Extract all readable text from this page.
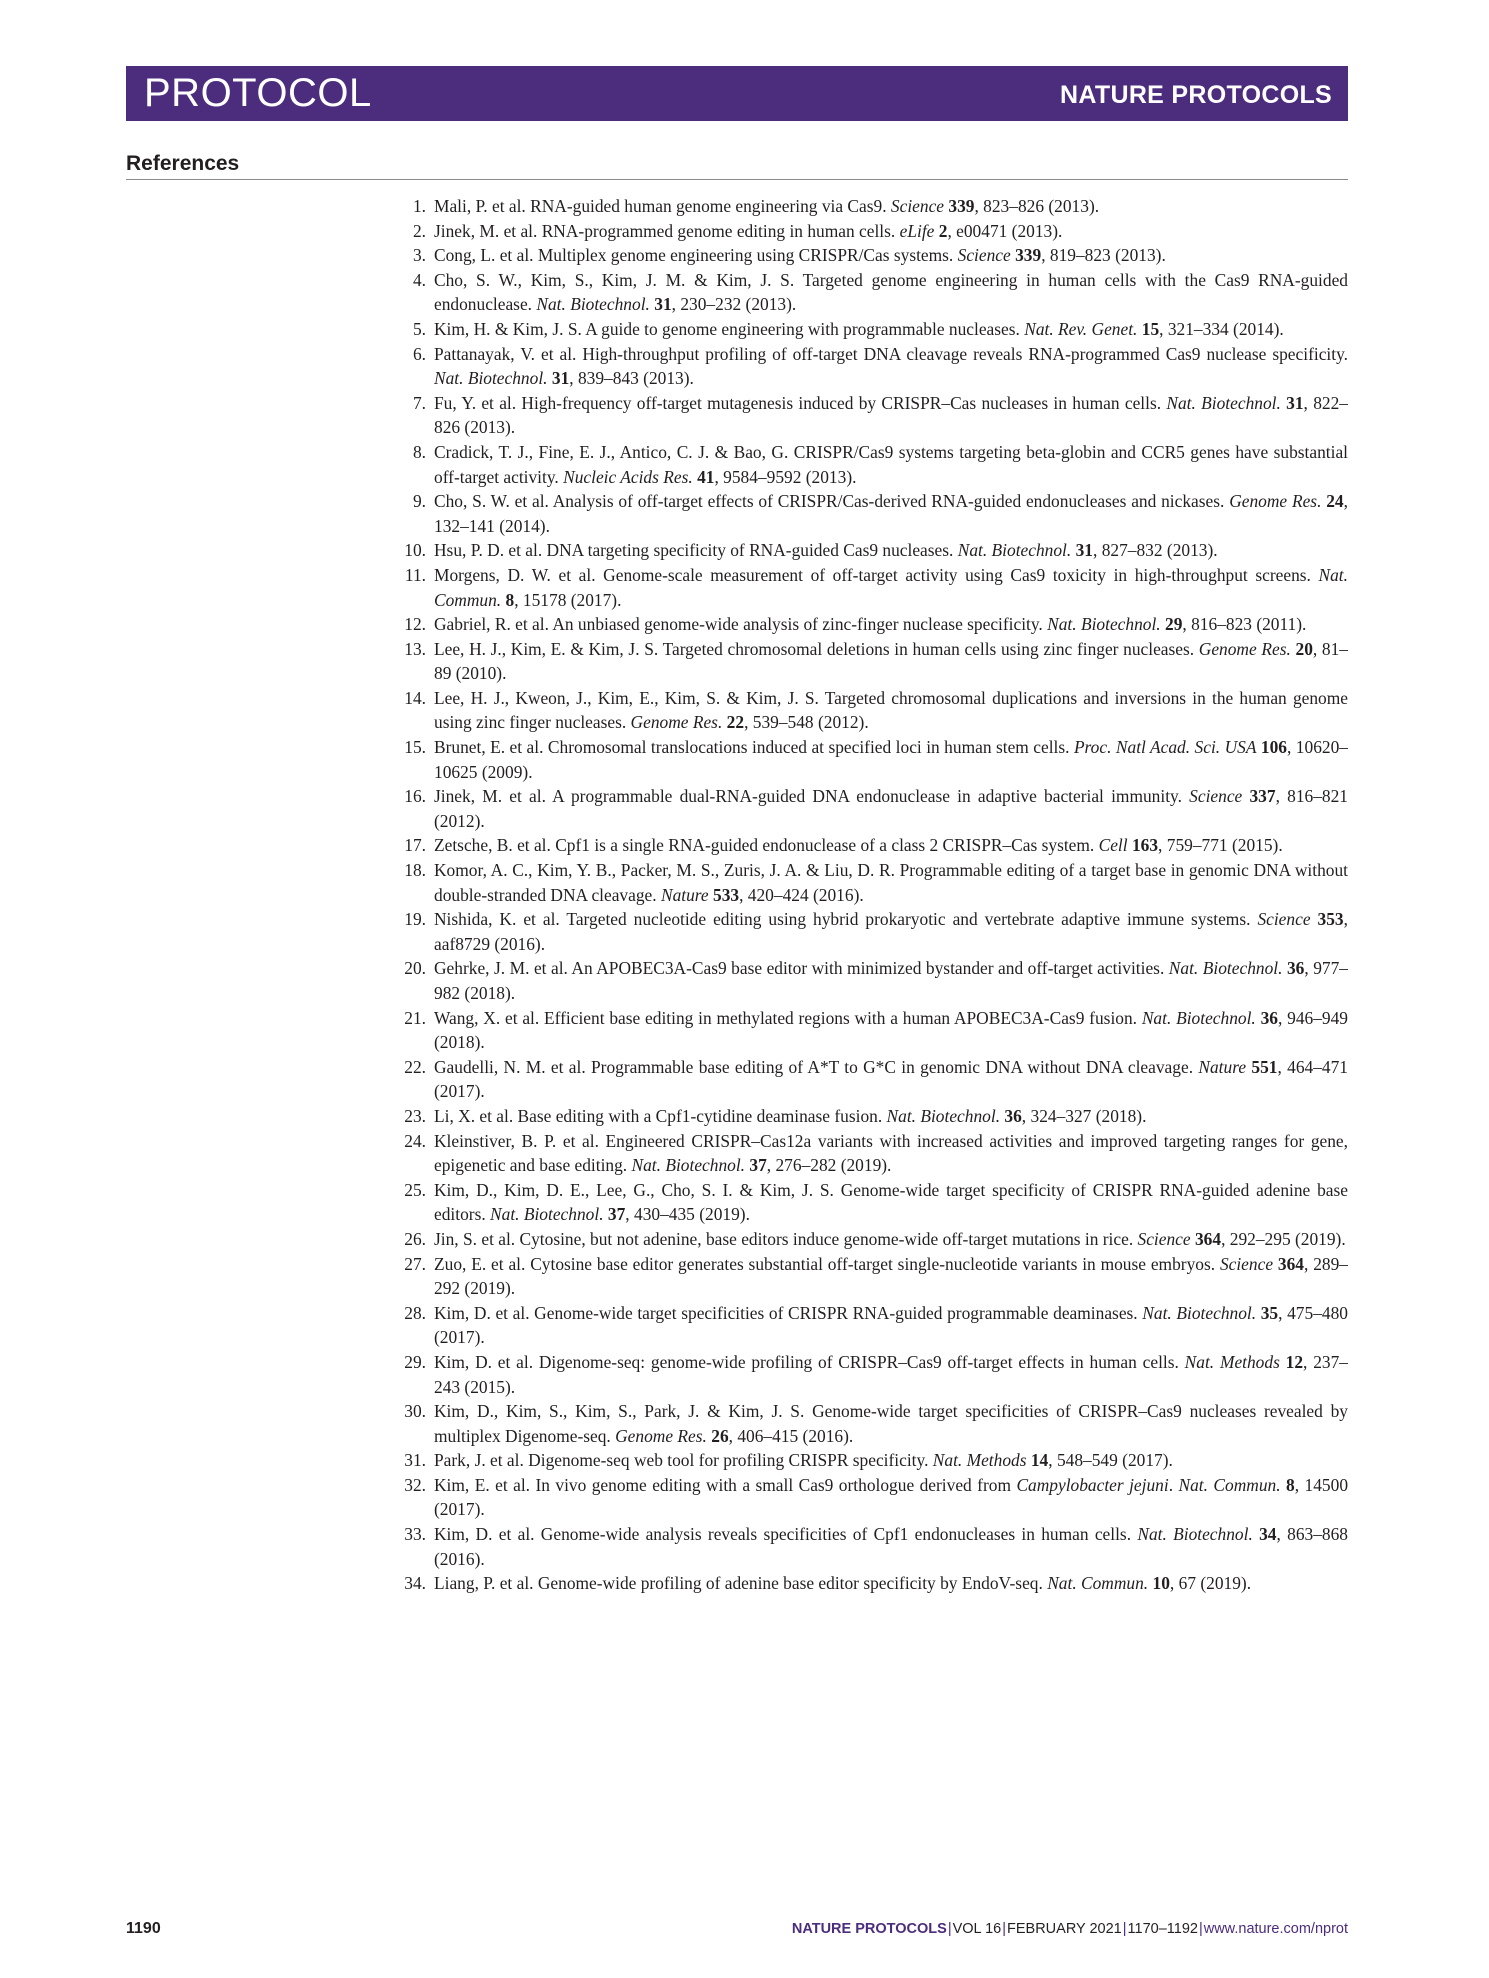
PROTOCOL	NATURE PROTOCOLS
References
1. Mali, P. et al. RNA-guided human genome engineering via Cas9. Science 339, 823–826 (2013).
2. Jinek, M. et al. RNA-programmed genome editing in human cells. eLife 2, e00471 (2013).
3. Cong, L. et al. Multiplex genome engineering using CRISPR/Cas systems. Science 339, 819–823 (2013).
4. Cho, S. W., Kim, S., Kim, J. M. & Kim, J. S. Targeted genome engineering in human cells with the Cas9 RNA-guided endonuclease. Nat. Biotechnol. 31, 230–232 (2013).
5. Kim, H. & Kim, J. S. A guide to genome engineering with programmable nucleases. Nat. Rev. Genet. 15, 321–334 (2014).
6. Pattanayak, V. et al. High-throughput profiling of off-target DNA cleavage reveals RNA-programmed Cas9 nuclease specificity. Nat. Biotechnol. 31, 839–843 (2013).
7. Fu, Y. et al. High-frequency off-target mutagenesis induced by CRISPR–Cas nucleases in human cells. Nat. Biotechnol. 31, 822–826 (2013).
8. Cradick, T. J., Fine, E. J., Antico, C. J. & Bao, G. CRISPR/Cas9 systems targeting beta-globin and CCR5 genes have substantial off-target activity. Nucleic Acids Res. 41, 9584–9592 (2013).
9. Cho, S. W. et al. Analysis of off-target effects of CRISPR/Cas-derived RNA-guided endonucleases and nickases. Genome Res. 24, 132–141 (2014).
10. Hsu, P. D. et al. DNA targeting specificity of RNA-guided Cas9 nucleases. Nat. Biotechnol. 31, 827–832 (2013).
11. Morgens, D. W. et al. Genome-scale measurement of off-target activity using Cas9 toxicity in high-throughput screens. Nat. Commun. 8, 15178 (2017).
12. Gabriel, R. et al. An unbiased genome-wide analysis of zinc-finger nuclease specificity. Nat. Biotechnol. 29, 816–823 (2011).
13. Lee, H. J., Kim, E. & Kim, J. S. Targeted chromosomal deletions in human cells using zinc finger nucleases. Genome Res. 20, 81–89 (2010).
14. Lee, H. J., Kweon, J., Kim, E., Kim, S. & Kim, J. S. Targeted chromosomal duplications and inversions in the human genome using zinc finger nucleases. Genome Res. 22, 539–548 (2012).
15. Brunet, E. et al. Chromosomal translocations induced at specified loci in human stem cells. Proc. Natl Acad. Sci. USA 106, 10620–10625 (2009).
16. Jinek, M. et al. A programmable dual-RNA-guided DNA endonuclease in adaptive bacterial immunity. Science 337, 816–821 (2012).
17. Zetsche, B. et al. Cpf1 is a single RNA-guided endonuclease of a class 2 CRISPR–Cas system. Cell 163, 759–771 (2015).
18. Komor, A. C., Kim, Y. B., Packer, M. S., Zuris, J. A. & Liu, D. R. Programmable editing of a target base in genomic DNA without double-stranded DNA cleavage. Nature 533, 420–424 (2016).
19. Nishida, K. et al. Targeted nucleotide editing using hybrid prokaryotic and vertebrate adaptive immune systems. Science 353, aaf8729 (2016).
20. Gehrke, J. M. et al. An APOBEC3A-Cas9 base editor with minimized bystander and off-target activities. Nat. Biotechnol. 36, 977–982 (2018).
21. Wang, X. et al. Efficient base editing in methylated regions with a human APOBEC3A-Cas9 fusion. Nat. Biotechnol. 36, 946–949 (2018).
22. Gaudelli, N. M. et al. Programmable base editing of A*T to G*C in genomic DNA without DNA cleavage. Nature 551, 464–471 (2017).
23. Li, X. et al. Base editing with a Cpf1-cytidine deaminase fusion. Nat. Biotechnol. 36, 324–327 (2018).
24. Kleinstiver, B. P. et al. Engineered CRISPR–Cas12a variants with increased activities and improved targeting ranges for gene, epigenetic and base editing. Nat. Biotechnol. 37, 276–282 (2019).
25. Kim, D., Kim, D. E., Lee, G., Cho, S. I. & Kim, J. S. Genome-wide target specificity of CRISPR RNA-guided adenine base editors. Nat. Biotechnol. 37, 430–435 (2019).
26. Jin, S. et al. Cytosine, but not adenine, base editors induce genome-wide off-target mutations in rice. Science 364, 292–295 (2019).
27. Zuo, E. et al. Cytosine base editor generates substantial off-target single-nucleotide variants in mouse embryos. Science 364, 289–292 (2019).
28. Kim, D. et al. Genome-wide target specificities of CRISPR RNA-guided programmable deaminases. Nat. Biotechnol. 35, 475–480 (2017).
29. Kim, D. et al. Digenome-seq: genome-wide profiling of CRISPR–Cas9 off-target effects in human cells. Nat. Methods 12, 237–243 (2015).
30. Kim, D., Kim, S., Kim, S., Park, J. & Kim, J. S. Genome-wide target specificities of CRISPR–Cas9 nucleases revealed by multiplex Digenome-seq. Genome Res. 26, 406–415 (2016).
31. Park, J. et al. Digenome-seq web tool for profiling CRISPR specificity. Nat. Methods 14, 548–549 (2017).
32. Kim, E. et al. In vivo genome editing with a small Cas9 orthologue derived from Campylobacter jejuni. Nat. Commun. 8, 14500 (2017).
33. Kim, D. et al. Genome-wide analysis reveals specificities of Cpf1 endonucleases in human cells. Nat. Biotechnol. 34, 863–868 (2016).
34. Liang, P. et al. Genome-wide profiling of adenine base editor specificity by EndoV-seq. Nat. Commun. 10, 67 (2019).
1190	NATURE PROTOCOLS|VOL 16|FEBRUARY 2021|1170–1192|www.nature.com/nprot
